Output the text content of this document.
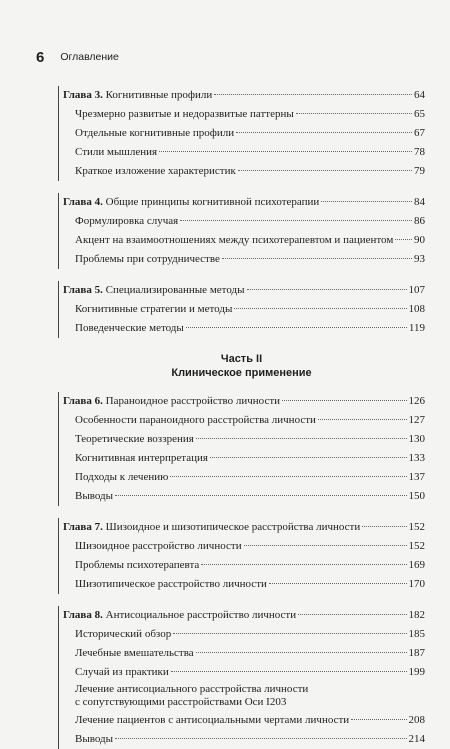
6 Оглавление
Глава 3. Когнитивные профили	64
Чрезмерно развитые и недоразвитые паттерны	65
Отдельные когнитивные профили	67
Стили мышления	78
Краткое изложение характеристик	79
Глава 4. Общие принципы когнитивной психотерапии	84
Формулировка случая	86
Акцент на взаимоотношениях между психотерапевтом и пациентом 90
Проблемы при сотрудничестве	93
Глава 5. Специализированные методы	107
Когнитивные стратегии и методы	108
Поведенческие методы	119
Часть II
Клиническое применение
Глава 6. Параноидное расстройство личности	126
Особенности параноидного расстройства личности	127
Теоретические воззрения	130
Когнитивная интерпретация	133
Подходы к лечению	137
Выводы	150
Глава 7. Шизоидное и шизотипическое расстройства личности	152
Шизоидное расстройство личности	152
Проблемы психотерапевта	169
Шизотипическое расстройство личности	170
Глава 8. Антисоциальное расстройство личности	182
Исторический обзор	185
Лечебные вмешательства	187
Случай из практики	199
Лечение антисоциального расстройства личности
с сопутствующими расстройствами Оси I 203
Лечение пациентов с антисоциальными чертами личности	208
Выводы	214
